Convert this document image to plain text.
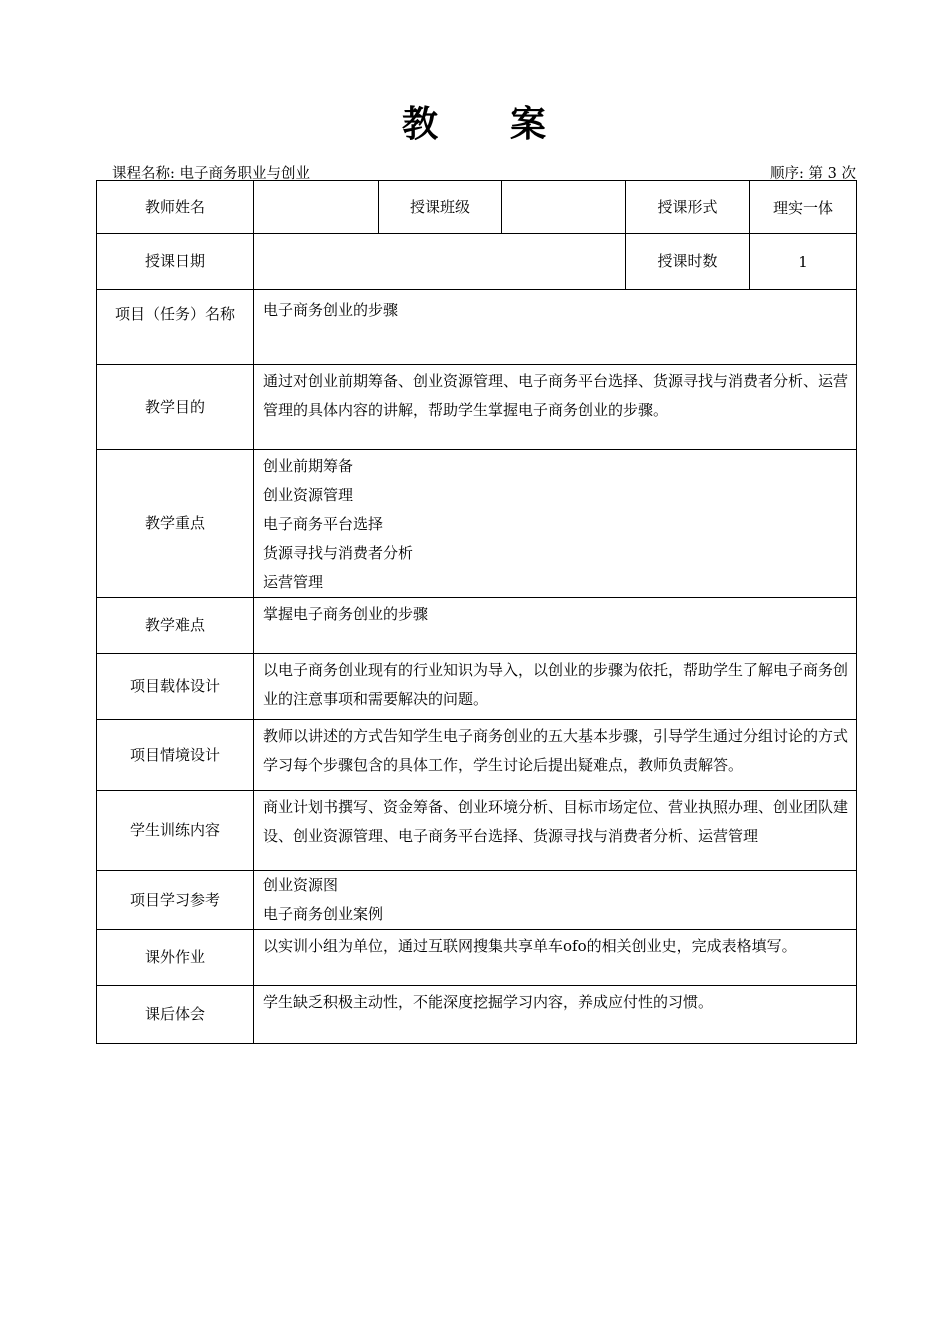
教 案
课程名称: 电子商务职业与创业	顺序: 第 3 次
教师姓名		授课班级		授课形式	理实一体
授课日期				授课时数	1
项目（任务）名称	电子商务创业的步骤				

教学目的	通过对创业前期筹备、创业资源管理、电子商务平台选择、货源寻找与消费者分析、运营管理的具体内容的讲解，帮助学生掌握电子商务创业的步骤。				

教学重点	创业前期筹备
创业资源管理
电子商务平台选择
货源寻找与消费者分析
运营管理				

教学难点	掌握电子商务创业的步骤				

项目载体设计	以电子商务创业现有的行业知识为导入，以创业的步骤为依托，帮助学生了解电子商务创业的注意事项和需要解决的问题。				

项目情境设计	教师以讲述的方式告知学生电子商务创业的五大基本步骤，引导学生通过分组讨论的方式学习每个步骤包含的具体工作，学生讨论后提出疑难点，教师负责解答。				

学生训练内容	商业计划书撰写、资金筹备、创业环境分析、目标市场定位、营业执照办理、创业团队建设、创业资源管理、电子商务平台选择、货源寻找与消费者分析、运营管理				

项目学习参考	创业资源图
电子商务创业案例				

课外作业	以实训小组为单位，通过互联网搜集共享单车ofo的相关创业史，完成表格填写。				

课后体会	学生缺乏积极主动性，不能深度挖掘学习内容，养成应付性的习惯。				
